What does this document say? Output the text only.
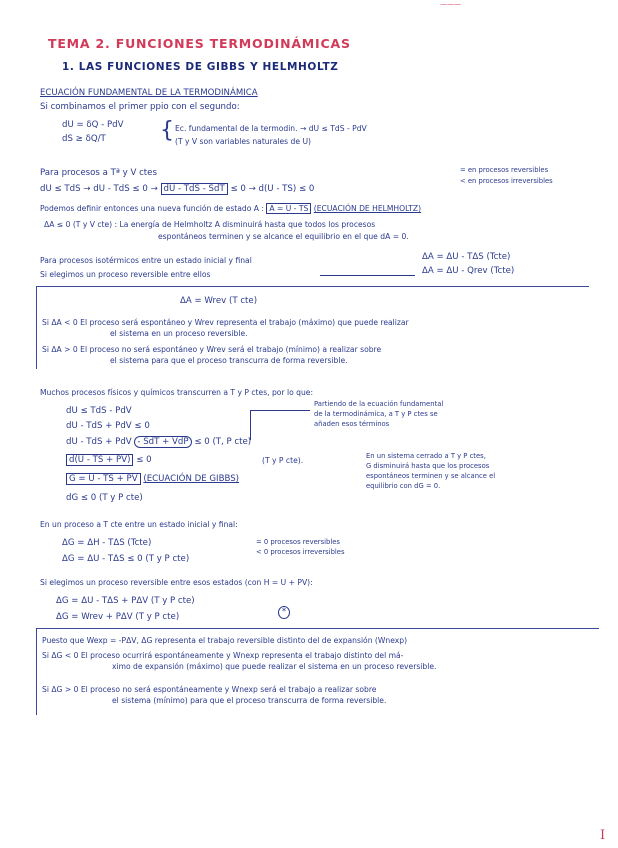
———
TEMA 2. FUNCIONES TERMODINÁMICAS
1. LAS FUNCIONES DE GIBBS Y HELMHOLTZ
ECUACIÓN FUNDAMENTAL DE LA TERMODINÁMICA
Si combinamos el primer ppio con el segundo:
dU = δQ - PdV
dS ≥ δQ/T { Ec. fundamental de la termodin. → dU ≤ TdS - PdV
(T y V son variables naturales de U)
Para procesos a Tª y V ctes
dU ≤ TdS → dU - TdS ≤ 0 → dU - TdS - SdT ≤ 0 → d(U - TS) ≤ 0
= en procesos reversibles
< en procesos irreversibles
Podemos definir entonces una nueva función de estado A : A = U - TS (ECUACIÓN DE HELMHOLTZ)
ΔA ≤ 0 (T y V cte) : La energía de Helmholtz A disminuirá hasta que todos los procesos
espontáneos terminen y se alcance el equilibrio en el que dA = 0.
Para procesos isotérmicos entre un estado inicial y final	ΔA = ΔU - TΔS (Tcte)
Si elegimos un proceso reversible entre ellos	ΔA = ΔU - Qrev (Tcte)
ΔA = Wrev (T cte)
Si ΔA < 0 El proceso será espontáneo y Wrev representa el trabajo (máximo) que puede realizar
el sistema en un proceso reversible.
Si ΔA > 0 El proceso no será espontáneo y Wrev será el trabajo (mínimo) a realizar sobre
el sistema para que el proceso transcurra de forma reversible.
Muchos procesos físicos y químicos transcurren a T y P ctes, por lo que:
dU ≤ TdS - PdV
dU - TdS + PdV ≤ 0
dU - TdS + PdV - SdT + VdP ≤ 0 (T, P cte)
d(U - TS + PV) ≤ 0	(T y P cte).
G = U - TS + PV (ECUACIÓN DE GIBBS)
dG ≤ 0 (T y P cte)
Partiendo de la ecuación fundamental
de la termodinámica, a T y P ctes se
añaden esos términos
En un sistema cerrado a T y P ctes,
G disminuirá hasta que los procesos
espontáneos terminen y se alcance el
equilibrio con dG = 0.
En un proceso a T cte entre un estado inicial y final:
ΔG = ΔH - TΔS (Tcte)
ΔG = ΔU - TΔS ≤ 0 (T y P cte)
= 0 procesos reversibles
< 0 procesos irreversibles
Si elegimos un proceso reversible entre esos estados (con H = U + PV):
ΔG = ΔU - TΔS + PΔV (T y P cte)
ΔG = Wrev + PΔV (T y P cte)	*
Puesto que Wexp = -PΔV, ΔG representa el trabajo reversible distinto del de expansión (Wnexp)
Si ΔG < 0 El proceso ocurrirá espontáneamente y Wnexp representa el trabajo distinto del má-
ximo de expansión (máximo) que puede realizar el sistema en un proceso reversible.
Si ΔG > 0 El proceso no será espontáneamente y Wnexp será el trabajo a realizar sobre
el sistema (mínimo) para que el proceso transcurra de forma reversible.
I
